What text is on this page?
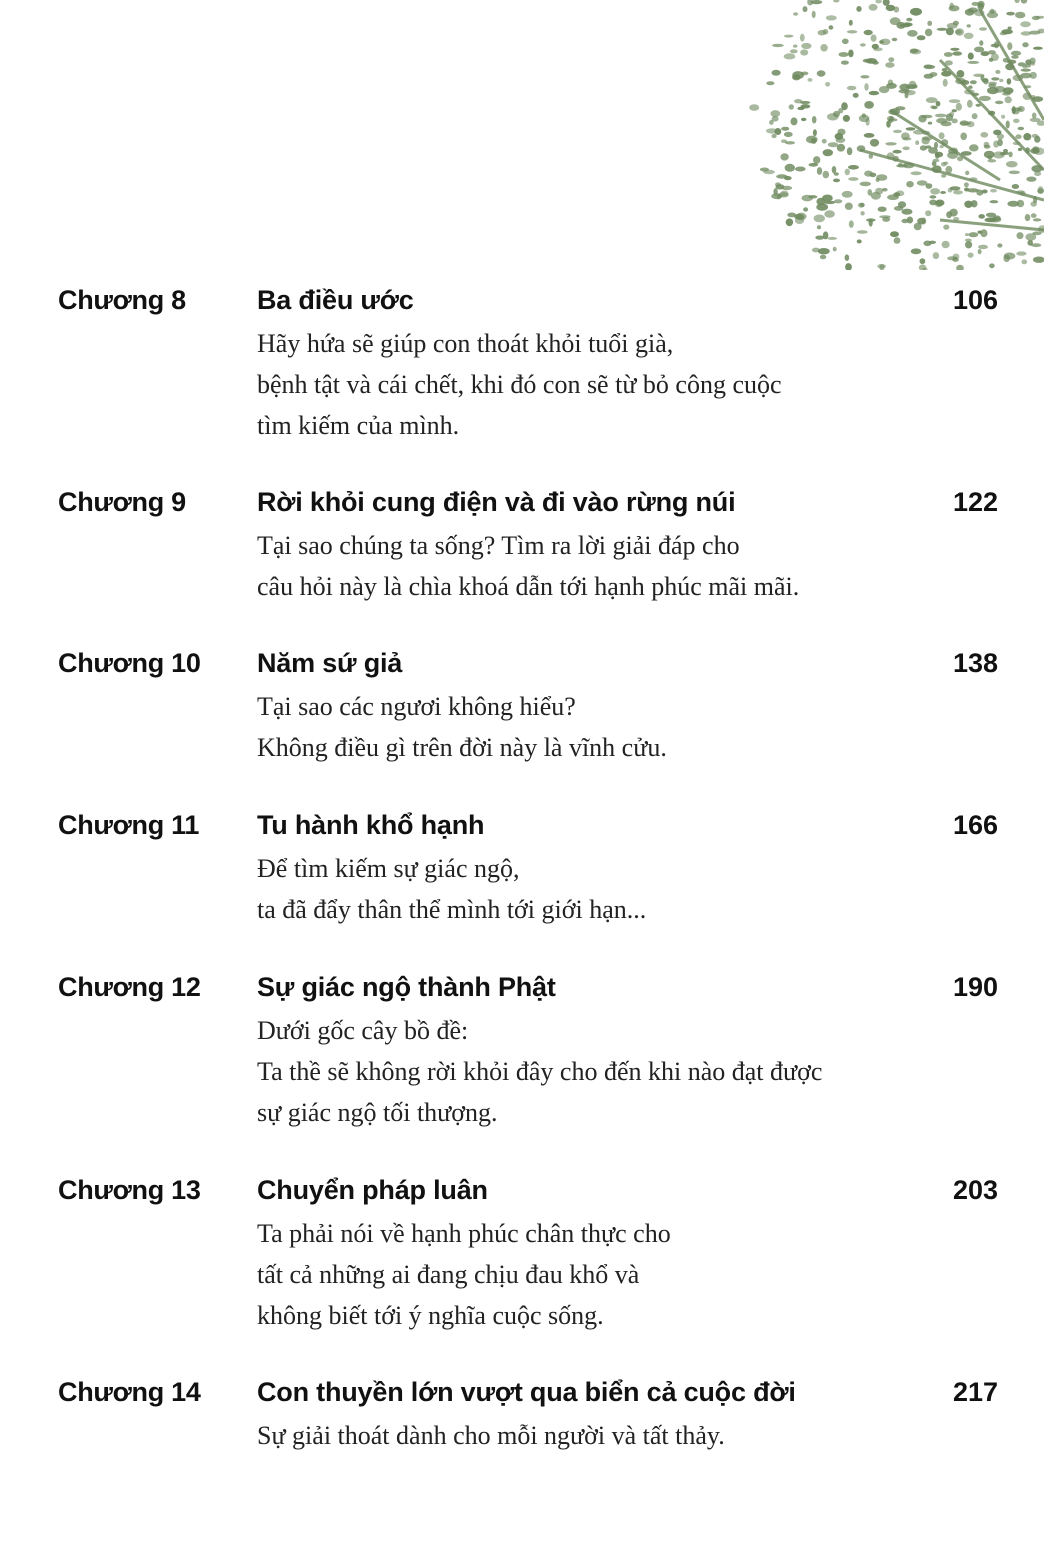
Chương 8	Ba điều ước	106
Hãy hứa sẽ giúp con thoát khỏi tuổi già,
bệnh tật và cái chết, khi đó con sẽ từ bỏ công cuộc
tìm kiếm của mình.
Chương 9	Rời khỏi cung điện và đi vào rừng núi	122
Tại sao chúng ta sống? Tìm ra lời giải đáp cho
câu hỏi này là chìa khoá dẫn tới hạnh phúc mãi mãi.
Chương 10 Năm sứ giả	138
Tại sao các ngươi không hiểu?
Không điều gì trên đời này là vĩnh cửu.
Chương 11 Tu hành khổ hạnh	166
Để tìm kiếm sự giác ngộ,
ta đã đẩy thân thể mình tới giới hạn...
Chương 12 Sự giác ngộ thành Phật	190
Dưới gốc cây bồ đề:
Ta thề sẽ không rời khỏi đây cho đến khi nào đạt được
sự giác ngộ tối thượng.
Chương 13 Chuyển pháp luân	203
Ta phải nói về hạnh phúc chân thực cho
tất cả những ai đang chịu đau khổ và
không biết tới ý nghĩa cuộc sống.
Chương 14 Con thuyền lớn vượt qua biển cả cuộc đời	217
Sự giải thoát dành cho mỗi người và tất thảy.
